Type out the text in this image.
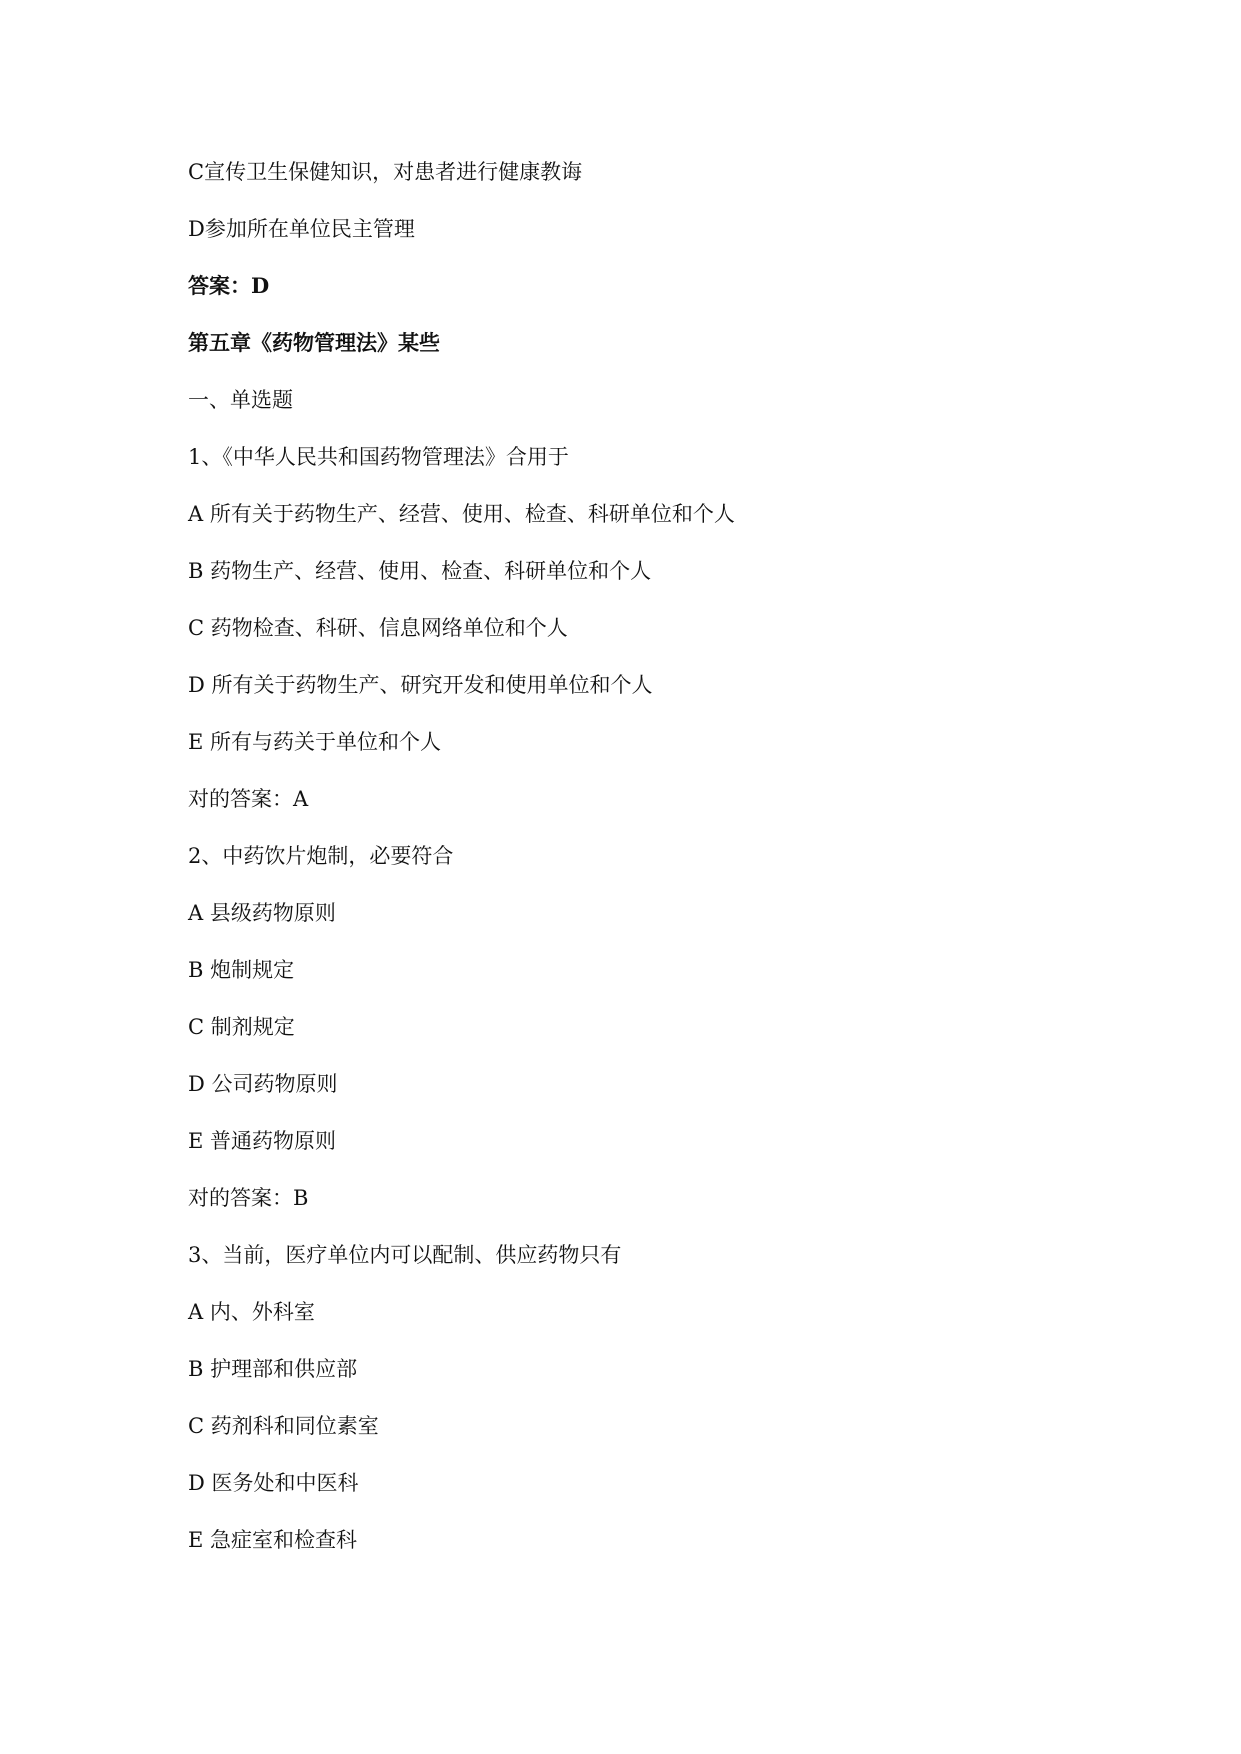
C宣传卫生保健知识，对患者进行健康教诲
D参加所在单位民主管理
答案：D
第五章《药物管理法》某些
一、单选题
1、《中华人民共和国药物管理法》合用于
A 所有关于药物生产、经营、使用、检查、科研单位和个人
B 药物生产、经营、使用、检查、科研单位和个人
C 药物检查、科研、信息网络单位和个人
D 所有关于药物生产、研究开发和使用单位和个人
E 所有与药关于单位和个人
对的答案：A
2、中药饮片炮制，必要符合
A 县级药物原则
B 炮制规定
C 制剂规定
D 公司药物原则
E 普通药物原则
对的答案：B
3、当前，医疗单位内可以配制、供应药物只有
A 内、外科室
B 护理部和供应部
C 药剂科和同位素室
D 医务处和中医科
E 急症室和检查科
